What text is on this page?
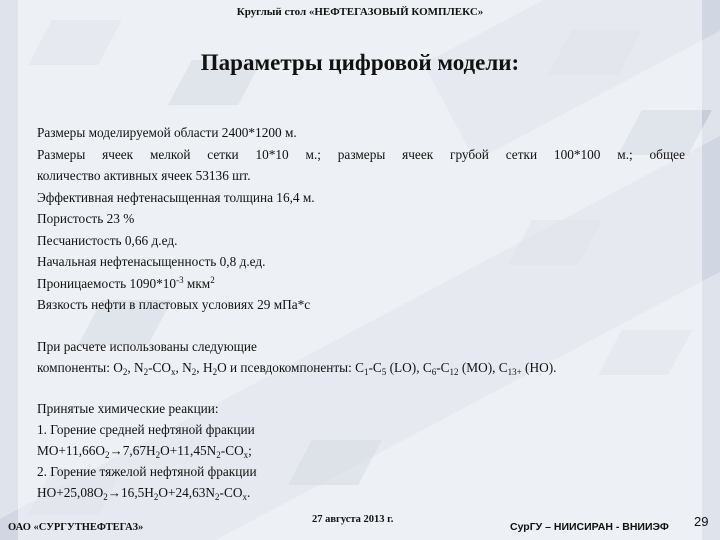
Круглый стол «НЕФТЕГАЗОВЫЙ КОМПЛЕКС»
Параметры цифровой модели:
Размеры моделируемой области 2400*1200 м.
Размеры ячеек мелкой сетки 10*10 м.; размеры ячеек грубой сетки 100*100 м.; общее
количество активных ячеек 53136 шт.
Эффективная нефтенасыщенная толщина 16,4 м.
Пористость 23 %
Песчанистость 0,66 д.ед.
Начальная нефтенасыщенность 0,8 д.ед.
Проницаемость $1090*10^{-3}$ мкм$^2$
Вязкость нефти в пластовых условиях 29 мПа*с
При расчете использованы следующие
компоненты: $O_2$, $N_2-CO_x$, $N_2$, $H_2O$ и псевдокомпоненты: $C_1-C_5$ (LO), $C_6-C_{12}$ (MO), $C_{13+}$ (HO).
Принятые химические реакции:
1. Горение средней нефтяной фракции
$MO+11,66O_2\to 7,67H_2O+11,45N_2-CO_x$;
2. Горение тяжелой нефтяной фракции
$HO+25,08O_2\to 16,5H_2O+24,63N_2-CO_x$.
ОАО «СУРГУТНЕФТЕГАЗ»
27 августа 2013 г.
СурГУ – НИИСИРАН - ВНИИЭФ 29
